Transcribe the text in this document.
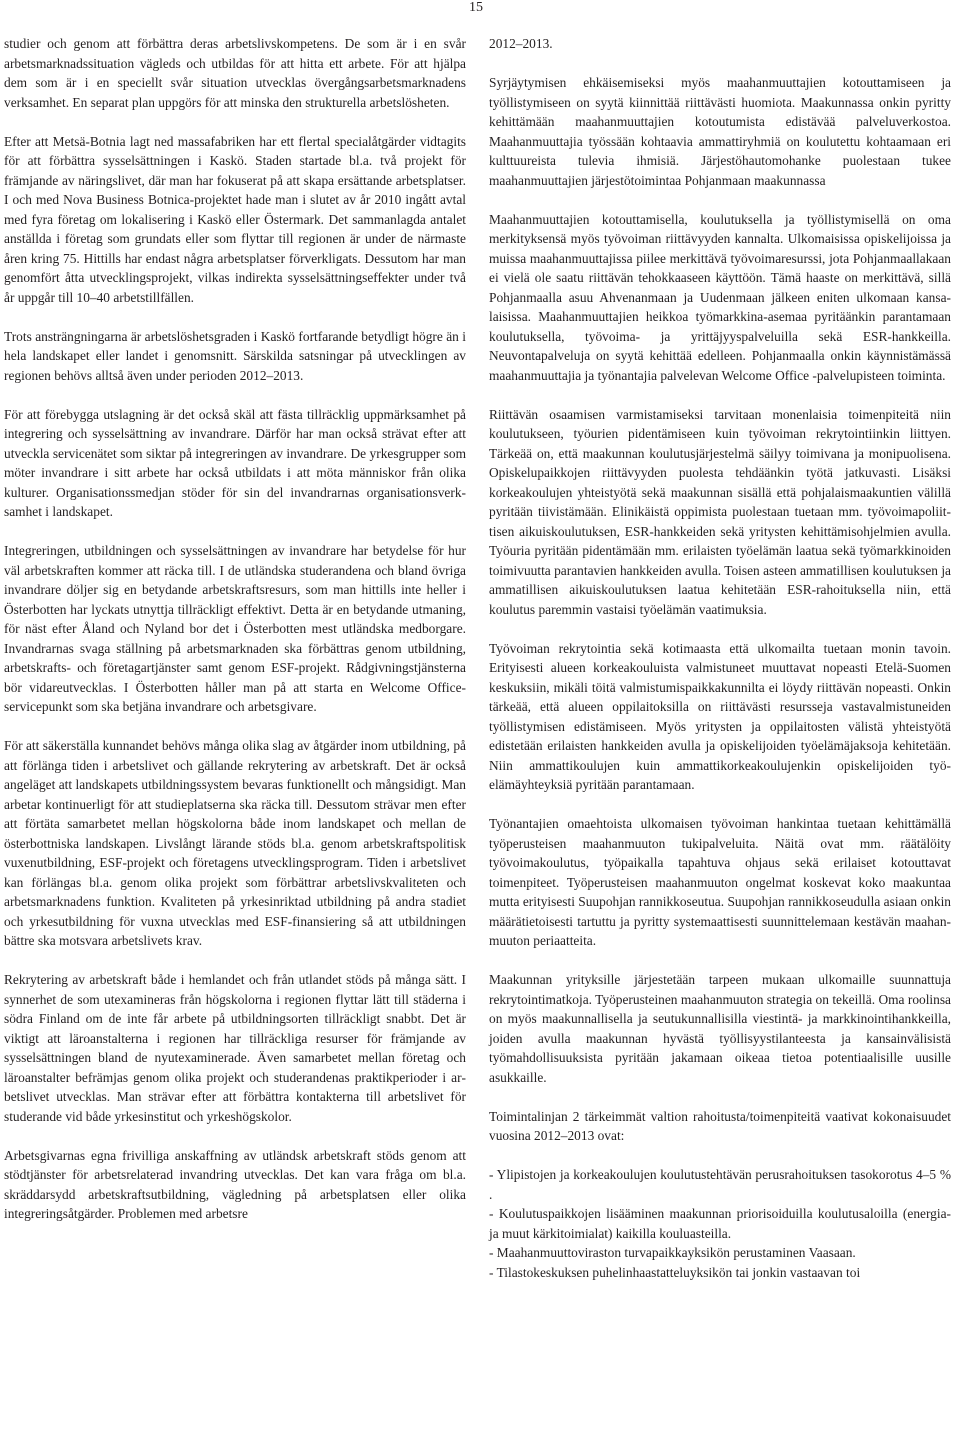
15

studier och genom att förbättra deras arbetslivskompetens. De som är i en svår arbetsmarknadssituation vägleds och utbildas för att hitta ett arbete. För att hjälpa dem som är i en speciellt svår situation utvecklas övergångsarbetsmarknadens verksamhet. En separat plan uppgörs för att minska den strukturella arbetslösheten.

Efter att Metsä-Botnia lagt ned massafabriken har ett flertal specialåtgärder vidtagits för att förbättra sysselsättningen i Kaskö. Staden startade bl.a. två projekt för främjande av näringslivet, där man har fokuserat på att skapa ersättande arbetsplatser. I och med Nova Business Botnica-projektet hade man i slutet av år 2010 ingått avtal med fyra företag om lokalisering i Kaskö eller Östermark. Det sammanlagda antalet anställda i företag som grundats eller som flyttar till regionen är under de närmaste åren kring 75. Hittills har endast några arbetsplatser förverkligats. Dessutom har man genomfört åtta utvecklingsprojekt, vilkas indirekta sysselsättningseffekter under två år uppgår till 10–40 arbetstillfällen.

Trots ansträngningarna är arbetslöshetsgraden i Kaskö fortfarande betydligt högre än i hela landskapet eller landet i genomsnitt. Särskilda satsningar på utvecklingen av regionen behövs alltså även under perioden 2012–2013.

För att förebygga utslagning är det också skäl att fästa tillräcklig uppmärksamhet på integrering och sysselsättning av invandrare. Därför har man också strävat efter att utveckla servicenätet som siktar på integreringen av invandrare. De yrkesgrupper som möter invandrare i sitt arbete har också utbildats i att möta människor från olika kulturer. Organisationssmedjan stöder för sin del invandrarnas organisationsverksamhet i landskapet.

Integreringen, utbildningen och sysselsättningen av invandrare har betydelse för hur väl arbetskraften kommer att räcka till. I de utländska studerandena och bland övriga invandrare döljer sig en betydande arbetskraftsresurs, som man hittills inte heller i Österbotten har lyckats utnyttja tillräckligt effektivt. Detta är en betydande utmaning, för näst efter Åland och Nyland bor det i Österbotten mest utländska medborgare. Invandrarnas svaga ställning på arbetsmarknaden ska förbättras genom utbildning, arbetskrafts- och företagartjänster samt genom ESF-projekt. Rådgivningstjänsterna bör vidareutvecklas. I Österbotten håller man på att starta en Welcome Office-servicepunkt som ska betjäna invandrare och arbetsgivare.

För att säkerställa kunnandet behövs många olika slag av åtgärder inom utbildning, på att förlänga tiden i arbetslivet och gällande rekrytering av arbetskraft. Det är också angeläget att landskapets utbildningssystem bevaras funktionellt och mångsidigt. Man arbetar kontinuerligt för att studieplatserna ska räcka till. Dessutom strävar men efter att förtäta samarbetet mellan högskolorna både inom landskapet och mellan de österbottniska landskapen. Livslångt lärande stöds bl.a. genom arbetskraftspolitisk vuxenutbildning, ESF-projekt och företagens utvecklingsprogram. Tiden i arbetslivet kan förlängas bl.a. genom olika projekt som förbättrar arbetslivskvaliteten och arbetsmarknadens funktion. Kvaliteten på yrkesinriktad utbildning på andra stadiet och yrkesutbildning för vuxna utvecklas med ESF-finansiering så att utbildningen bättre ska motsvara arbetslivets krav.

Rekrytering av arbetskraft både i hemlandet och från utlandet stöds på många sätt. I synnerhet de som utexamineras från högskolorna i regionen flyttar lätt till städerna i södra Finland om de inte får arbete på utbildningsorten tillräckligt snabbt. Det är viktigt att läroanstalterna i regionen har tillräckliga resurser för främjande av sysselsättningen bland de nyutexaminerade. Även samarbetet mellan företag och läroanstalter befrämjas genom olika projekt och studerandenas praktikperioder i arbetslivet utvecklas. Man strävar efter att förbättra kontakterna till arbetslivet för studerande vid både yrkesinstitut och yrkeshögskolor.

Arbetsgivarnas egna frivilliga anskaffning av utländsk arbetskraft stöds genom att stödtjänster för arbetsrelaterad invandring utvecklas. Det kan vara fråga om bl.a. skräddarsydd arbetskraftsutbildning, vägledning på arbetsplatsen eller olika integreringsåtgärder. Problemen med arbetsre

2012–2013.

Syrjäytymisen ehkäisemiseksi myös maahanmuuttajien kotouttamiseen ja työllistymiseen on syytä kiinnittää riittävästi huomiota. Maakunnassa onkin pyritty kehittämään maahanmuuttajien kotoutumista edistävää palveluverkostoa. Maahanmuuttajia työssään kohtaavia ammattiryhmiä on koulutettu kohtaamaan eri kulttuureista tulevia ihmisiä. Järjestöhautomohanke puolestaan tukee maahanmuuttajien järjestötoimintaa Pohjanmaan maakunnassa

Maahanmuuttajien kotouttamisella, koulutuksella ja työllistymisellä on oma merkityksensä myös työvoiman riittävyyden kannalta. Ulkomaisissa opiskelijoissa ja muissa maahanmuuttajissa piilee merkittävä työvoimaresurssi, jota Pohjanmaallakaan ei vielä ole saatu riittävän tehokkaaseen käyttöön. Tämä haaste on merkittävä, sillä Pohjanmaalla asuu Ahvenanmaan ja Uudenmaan jälkeen eniten ulkomaan kansalaisissa. Maahanmuuttajien heikkoa työmarkkina-asemaa pyritäänkin parantamaan koulutuksella, työvoima- ja yrittäjyyspalveluilla sekä ESR-hankkeilla. Neuvontapalveluja on syytä kehittää edelleen. Pohjanmaalla onkin käynnistämässä maahanmuuttajia ja työnantajia palvelevan Welcome Office -palvelupisteen toiminta.

Riittävän osaamisen varmistamiseksi tarvitaan monenlaisia toimenpiteitä niin koulutukseen, työurien pidentämiseen kuin työvoiman rekrytointiinkin liittyen. Tärkeää on, että maakunnan koulutusjärjestelmä säilyy toimivana ja monipuolisena. Opiskelupaikkojen riittävyyden puolesta tehdäänkin työtä jatkuvasti. Lisäksi korkeakoulujen yhteistyötä sekä maakunnan sisällä että pohjalaismaakuntien välillä pyritään tiivistämään. Elinikäistä oppimista puolestaan tuetaan mm. työvoimapoliittisen aikuiskoulutuksen, ESR-hankkeiden sekä yritysten kehittämisohjelmien avulla. Työuria pyritään pidentämään mm. erilaisten työelämän laatua sekä työmarkkinoiden toimivuutta parantavien hankkeiden avulla. Toisen asteen ammatillisen koulutuksen ja ammatillisen aikuiskoulutuksen laatua kehitetään ESR-rahoituksella niin, että koulutus paremmin vastaisi työelämän vaatimuksia.

Työvoiman rekrytointia sekä kotimaasta että ulkomailta tuetaan monin tavoin. Erityisesti alueen korkeakouluista valmistuneet muuttavat nopeasti Etelä-Suomen keskuksiin, mikäli töitä valmistumispaikkakunnilta ei löydy riittävän nopeasti. Onkin tärkeää, että alueen oppilaitoksilla on riittävästi resursseja vastavalmistuneiden työllistymisen edistämiseen. Myös yritysten ja oppilaitosten välistä yhteistyötä edistetään erilaisten hankkeiden avulla ja opiskelijoiden työelämäjaksoja kehitetään. Niin ammattikoulujen kuin ammattikorkeakoulujenkin opiskelijoiden työelämäyhteyksiä pyritään parantamaan.

Työnantajien omaehtoista ulkomaisen työvoiman hankintaa tuetaan kehittämällä työperusteisen maahanmuuton tukipalveluita. Näitä ovat mm. räätälöity työvoimakoulutus, työpaikalla tapahtuva ohjaus sekä erilaiset kotouttavat toimenpiteet. Työperusteisen maahanmuuton ongelmat koskevat koko maakuntaa mutta erityisesti Suupohjan rannikkoseutua. Suupohjan rannikkoseudulla asiaan onkin määrätietoisesti tartuttu ja pyritty systemaattisesti suunnittelemaan kestävän maahanmuuton periaatteita.

Maakunnan yrityksille järjestetään tarpeen mukaan ulkomaille suunnattuja rekrytointimatkoja. Työperusteinen maahanmuuton strategia on tekeillä. Oma roolinsa on myös maakunnallisella ja seutukunnallisilla viestintä- ja markkinointihankkeilla, joiden avulla maakunnan hyvästä työllisyystilanteesta ja kansainvälisistä työmahdollisuuksista pyritään jakamaan oikeaa tietoa potentiaalisille uusille asukkaille.

Toimintalinjan 2 tärkeimmät valtion rahoitusta/toimenpiteitä vaativat kokonaisuudet vuosina 2012–2013 ovat:

- Ylipistojen ja korkeakoulujen koulutustehtävän perusrahoituksen tasokorotus 4–5 % .

- Koulutuspaikkojen lisääminen maakunnan priorisoiduilla koulutusaloilla (energia- ja muut kärkitoimialat) kaikilla kouluasteilla.

- Maahanmuuttoviraston turvapaikkayksikön perustaminen Vaasaan.

- Tilastokeskuksen puhelinhaastatteluyksikön tai jonkin vastaavan toi
